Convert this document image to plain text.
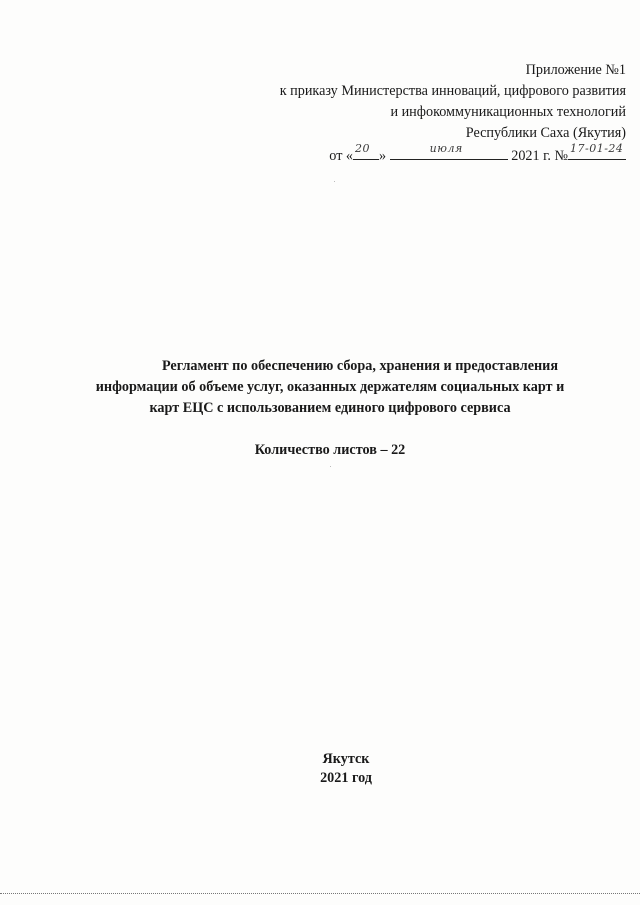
Приложение №1
к приказу Министерства инноваций, цифрового развития
и инфокоммуникационных технологий
Республики Саха (Якутия)
от « 20 »	июля	2021 г. № 17-01-24
Регламент по обеспечению сбора, хранения и предоставления
информации об объеме услуг, оказанных держателям социальных карт и
карт ЕЦС с использованием единого цифрового сервиса
Количество листов – 22
Якутск
2021 год
